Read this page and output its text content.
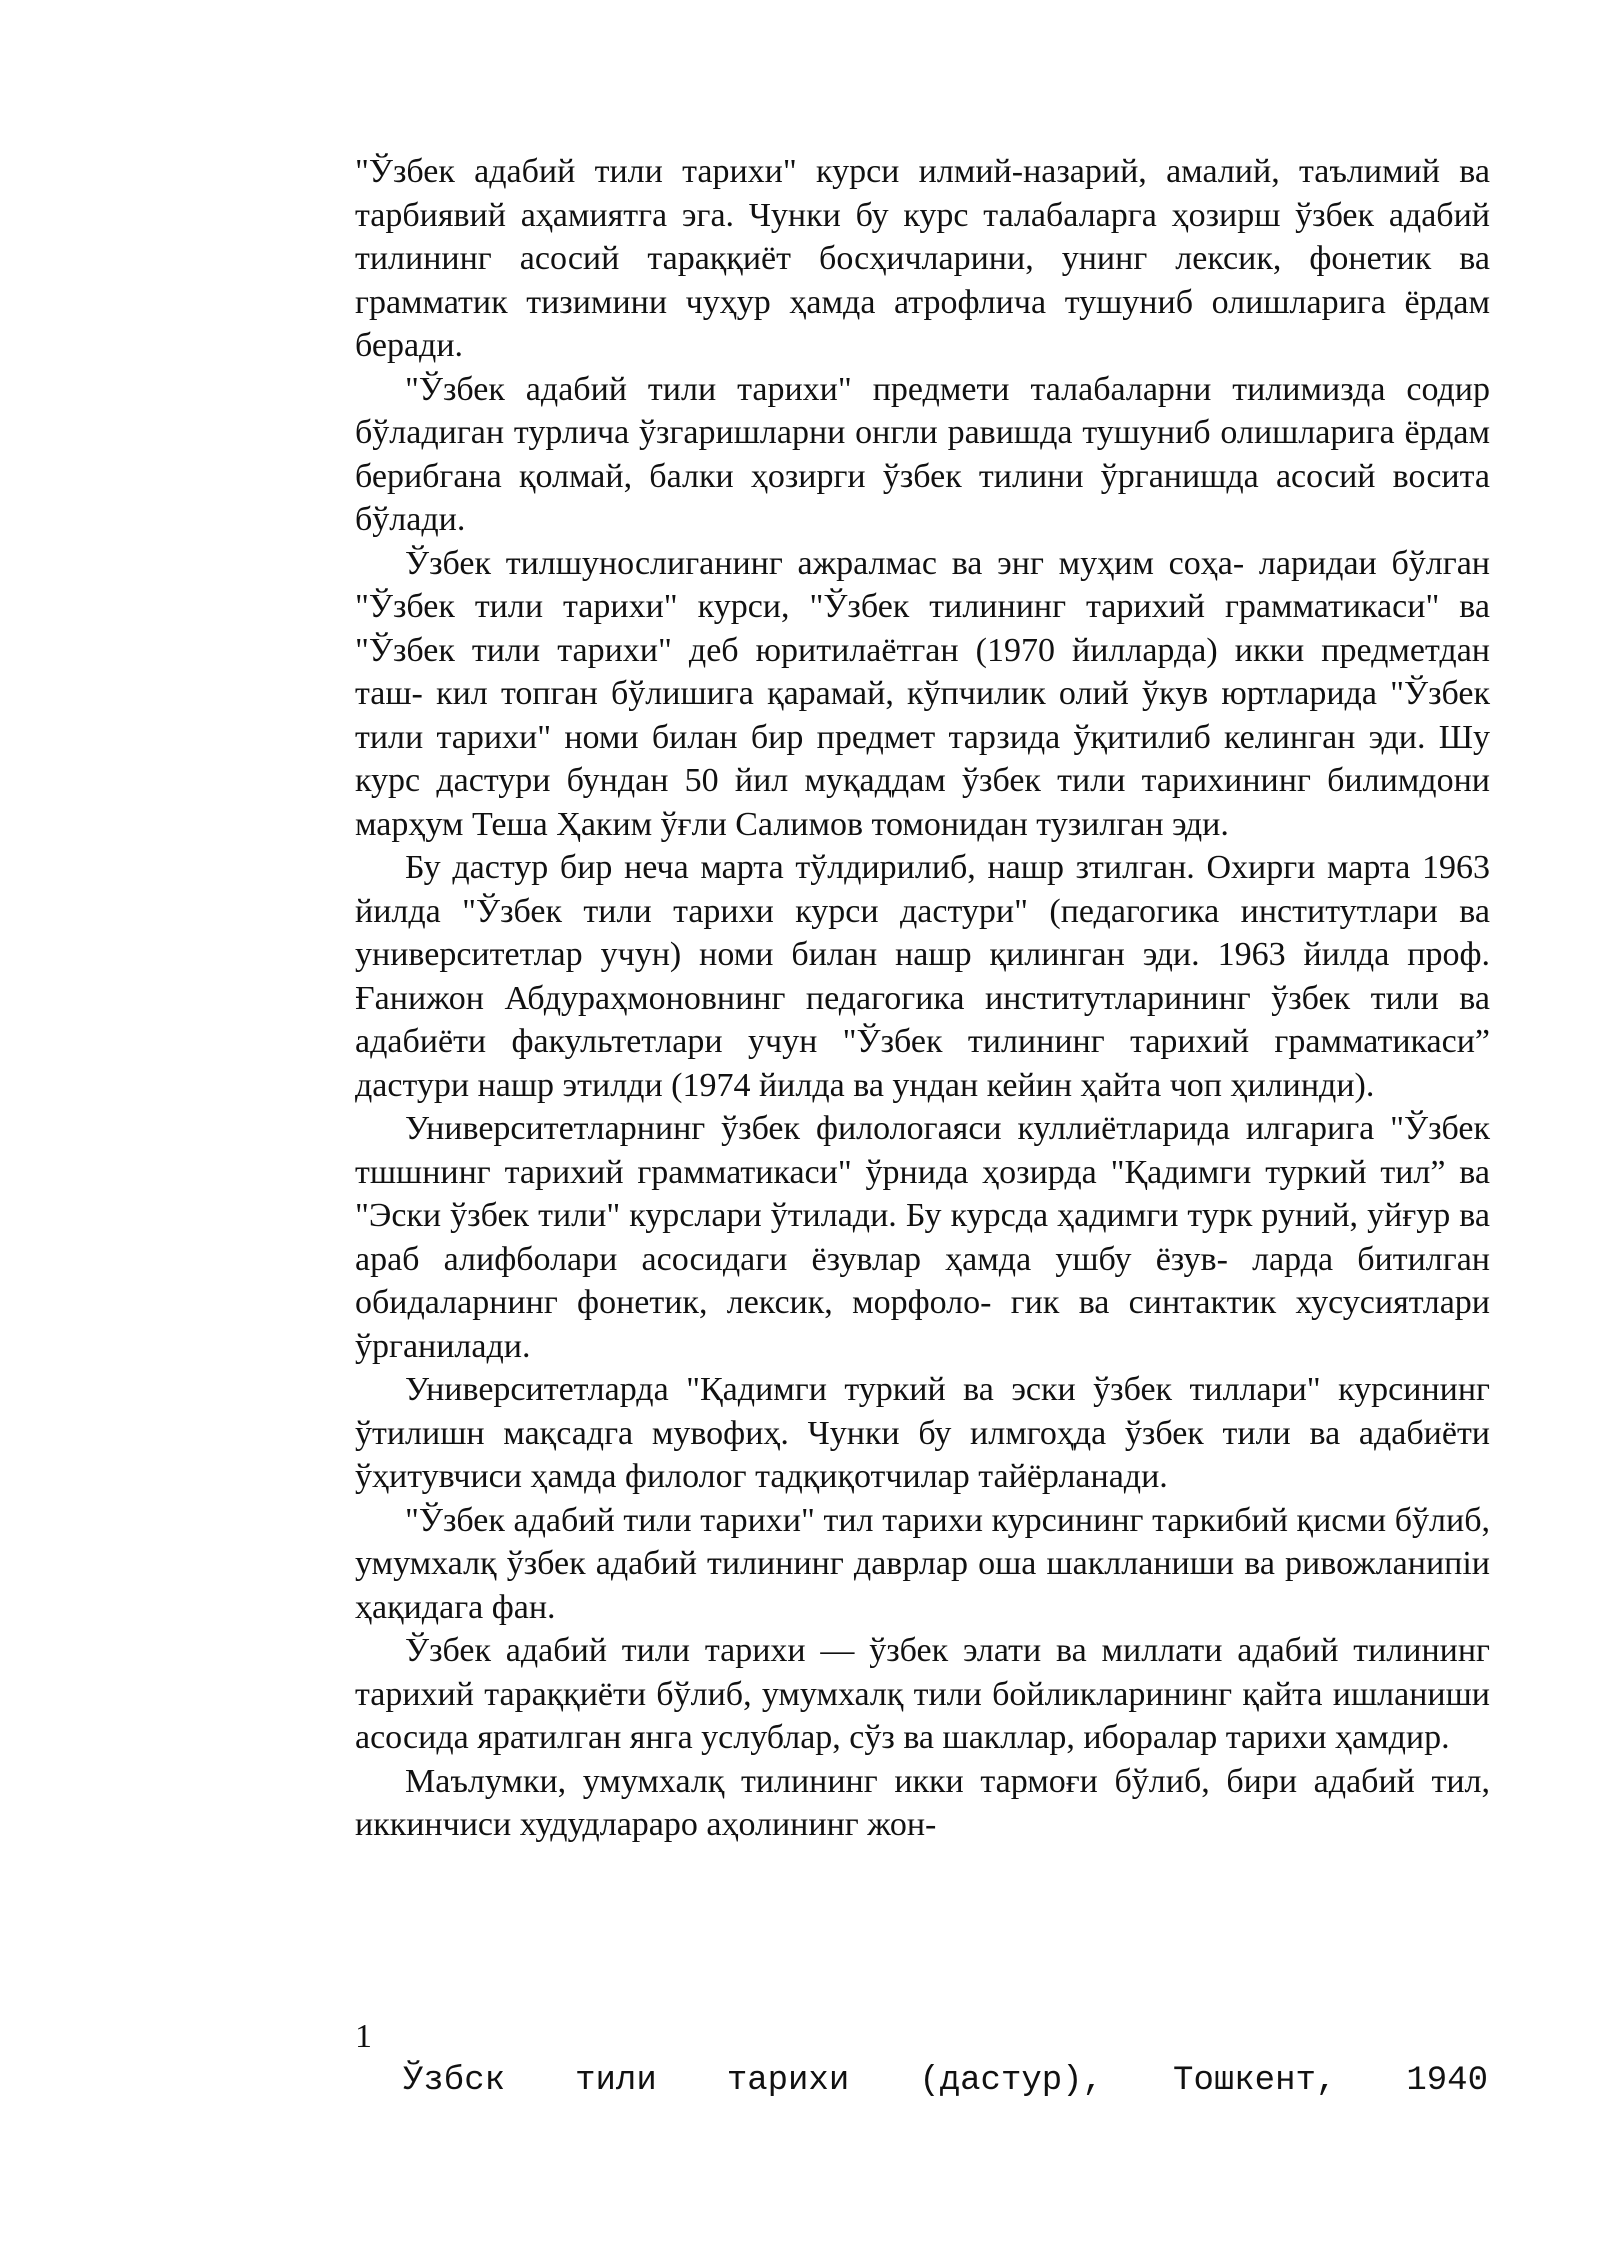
"Ўзбек адабий тили тарихи" курси илмий-назарий, амалий, таълимий ва тарбиявий аҳамиятга эга. Чунки бу курс талабаларга ҳозирш ўзбек адабий тилининг асосий тараққиёт босҳичларини, унинг лексик, фонетик ва грамматик тизимини чуҳур ҳамда атрофлича тушуниб олишларига ёрдам беради.

"Ўзбек адабий тили тарихи" предмети талабаларни тилимизда содир бўладиган турлича ўзгаришларни онгли равишда тушуниб олишларига ёрдам берибгана қолмай, балки ҳозирги ўзбек тилини ўрганишда асосий восита бўлади.

Ўзбек тилшунослиганинг ажралмас ва энг муҳим соҳа- ларидаи бўлган "Ўзбек тили тарихи" курси, "Ўзбек тилининг тарихий грамматикаси" ва "Ўзбек тили тарихи" деб юритилаётган (1970 йилларда) икки предметдан таш- кил топган бўлишига қарамай, кўпчилик олий ўкув юртларида "Ўзбек тили тарихи" номи билан бир предмет тарзида ўқитилиб келинган эди. Шу курс дастури бундан 50 йил муқаддам ўзбек тили тарихининг билимдони марҳум Теша Ҳаким ўғли Салимов томонидан тузилган эди.

Бу дастур бир неча марта тўлдирилиб, нашр зтилган. Охирги марта 1963 йилда "Ўзбек тили тарихи курси дастури" (педагогика институтлари ва университетлар учун) номи билан нашр қилинган эди. 1963 йилда проф. Ғанижон Абдураҳмоновнинг педагогика институтларининг ўзбек тили ва адабиёти факультетлари учун "Ўзбек тилининг тарихий грамматикаси” дастури нашр этилди (1974 йилда ва ундан кейин ҳайта чоп ҳилинди).

Университетларнинг ўзбек филологаяси куллиётларида илгарига "Ўзбек тшшнинг тарихий грамматикаси" ўрнида ҳозирда "Қадимги туркий тил” ва "Эски ўзбек тили" курслари ўтилади. Бу курсда ҳадимги турк руний, уйғур ва араб алифболари асосидаги ёзувлар ҳамда ушбу ёзув- ларда битилган обидаларнинг фонетик, лексик, морфоло- гик ва синтактик хусусиятлари ўрганилади.

Университетларда "Қадимги туркий ва эски ўзбек тиллари" курсининг ўтилишн мақсадга мувофиҳ. Чунки бу илмгоҳда ўзбек тили ва адабиёти ўҳитувчиси ҳамда филолог тадқиқотчилар тайёрланади.

"Ўзбек адабий тили тарихи" тил тарихи курсининг таркибий қисми бўлиб, умумхалқ ўзбек адабий тилининг даврлар оша шаклланиши ва ривожланипіи ҳақидага фан.

Ўзбек адабий тили тарихи — ўзбек элати ва миллати адабий тилининг тарихий тараққиёти бўлиб, умумхалқ тили бойликларининг қайта ишланиши асосида яратилган янга услублар, сўз ва шакллар, иборалар тарихи ҳамдир.

Маълумки, умумхалқ тилининг икки тармоғи бўлиб, бири адабий тил, иккинчиси худудлараро аҳолининг жон-

1
Ўзбск тили тарихи (дастур), Тошкент, 1940
